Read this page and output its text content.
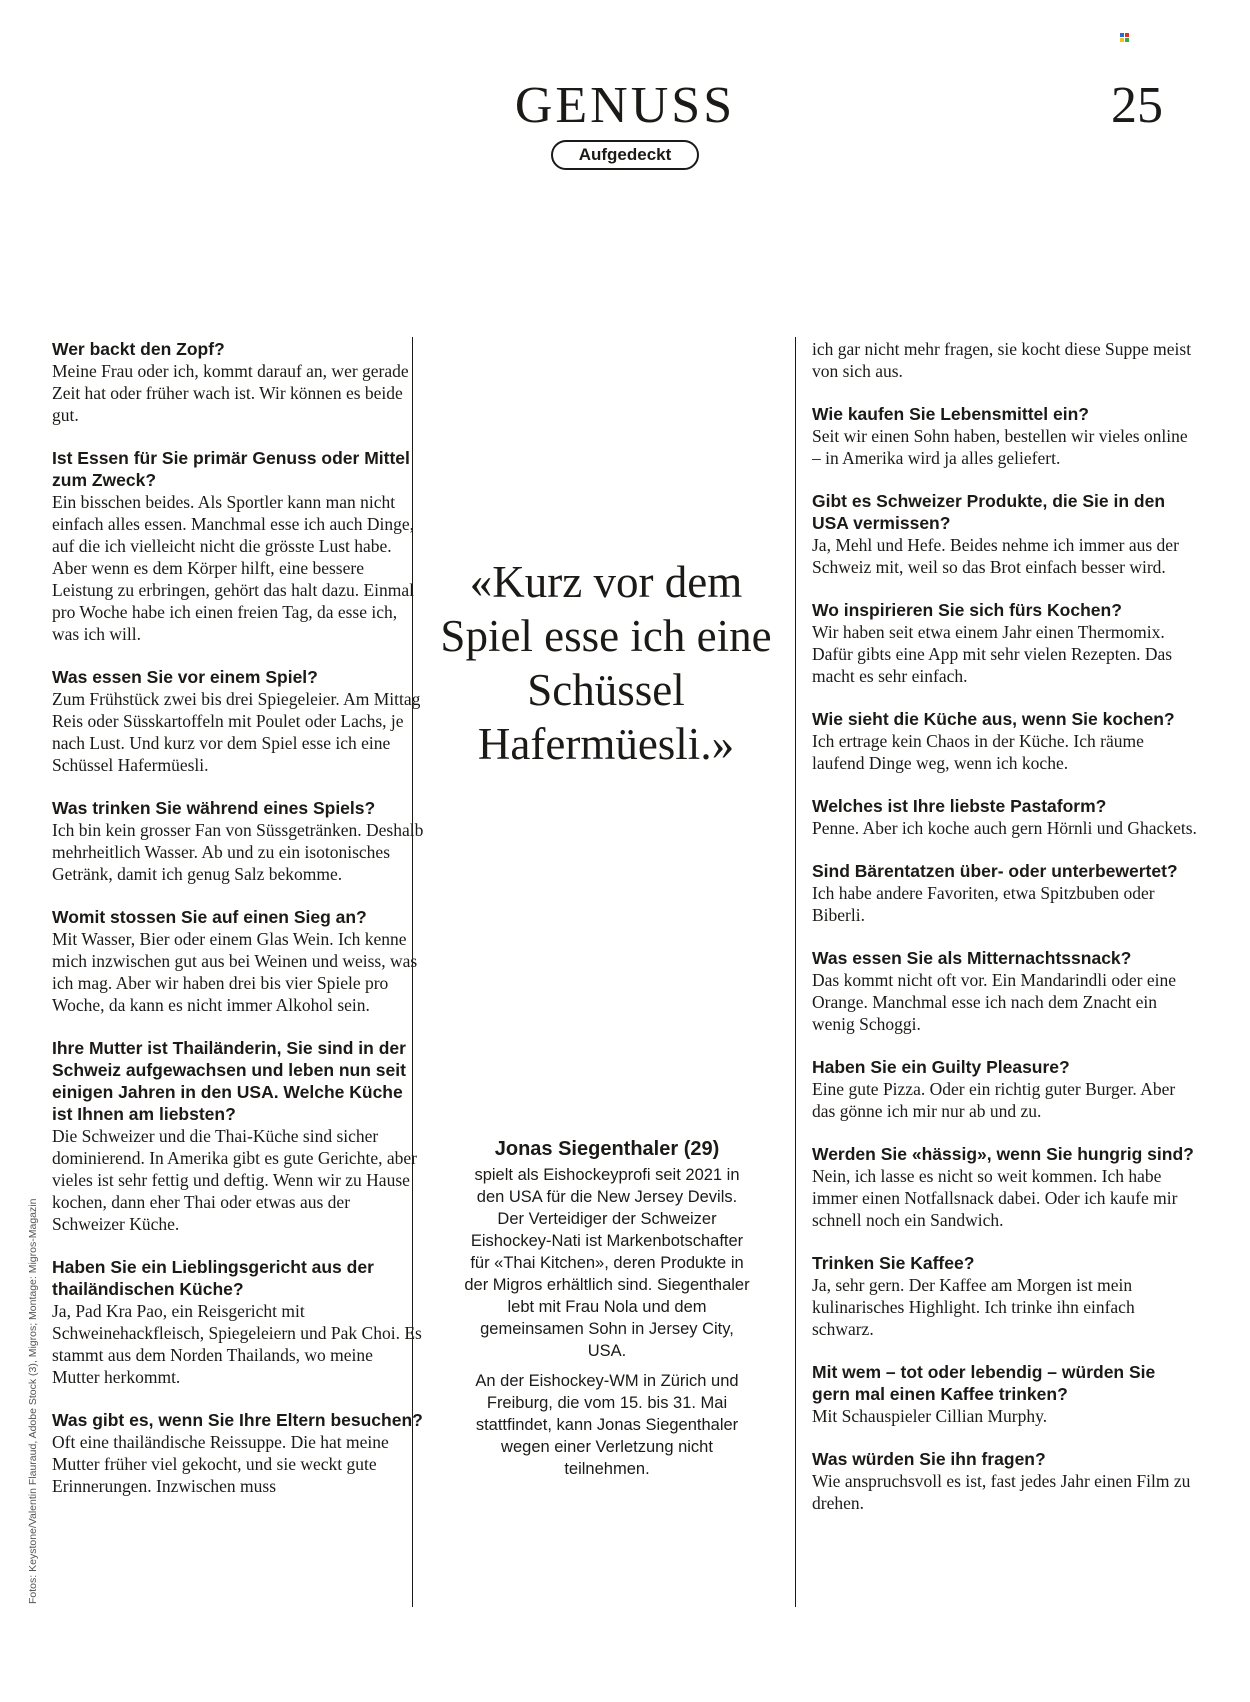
GENUSS
Aufgedeckt
25

Wer backt den Zopf?

Meine Frau oder ich, kommt darauf an, wer gerade Zeit hat oder früher wach ist. Wir können es beide gut.

Ist Essen für Sie primär Genuss oder Mittel zum Zweck?

Ein bisschen beides. Als Sportler kann man nicht einfach alles essen. Manchmal esse ich auch Dinge, auf die ich vielleicht nicht die grösste Lust habe. Aber wenn es dem Körper hilft, eine bessere Leistung zu erbringen, gehört das halt dazu. Einmal pro Woche habe ich einen freien Tag, da esse ich, was ich will.

Was essen Sie vor einem Spiel?

Zum Frühstück zwei bis drei Spiegeleier. Am Mittag Reis oder Süsskartoffeln mit Poulet oder Lachs, je nach Lust. Und kurz vor dem Spiel esse ich eine Schüssel Hafermüesli.

Was trinken Sie während eines Spiels?

Ich bin kein grosser Fan von Süssgetränken. Deshalb mehrheitlich Wasser. Ab und zu ein isotonisches Getränk, damit ich genug Salz bekomme.

Womit stossen Sie auf einen Sieg an?

Mit Wasser, Bier oder einem Glas Wein. Ich kenne mich inzwischen gut aus bei Weinen und weiss, was ich mag. Aber wir haben drei bis vier Spiele pro Woche, da kann es nicht immer Alkohol sein.

Ihre Mutter ist Thailänderin, Sie sind in der Schweiz aufgewachsen und leben nun seit einigen Jahren in den USA. Welche Küche ist Ihnen am liebsten?

Die Schweizer und die Thai-Küche sind sicher dominierend. In Amerika gibt es gute Gerichte, aber vieles ist sehr fettig und deftig. Wenn wir zu Hause kochen, dann eher Thai oder etwas aus der Schweizer Küche.

Haben Sie ein Lieblingsgericht aus der thailändischen Küche?

Ja, Pad Kra Pao, ein Reisgericht mit Schweinehackfleisch, Spiegeleiern und Pak Choi. Es stammt aus dem Norden Thailands, wo meine Mutter herkommt.

Was gibt es, wenn Sie Ihre Eltern besuchen?

Oft eine thailändische Reissuppe. Die hat meine Mutter früher viel gekocht, und sie weckt gute Erinnerungen. Inzwischen muss

ich gar nicht mehr fragen, sie kocht diese Suppe meist von sich aus.

Wie kaufen Sie Lebensmittel ein?

Seit wir einen Sohn haben, bestellen wir vieles online – in Amerika wird ja alles geliefert.

Gibt es Schweizer Produkte, die Sie in den USA vermissen?

Ja, Mehl und Hefe. Beides nehme ich immer aus der Schweiz mit, weil so das Brot einfach besser wird.

Wo inspirieren Sie sich fürs Kochen?

Wir haben seit etwa einem Jahr einen Thermomix. Dafür gibts eine App mit sehr vielen Rezepten. Das macht es sehr einfach.

Wie sieht die Küche aus, wenn Sie kochen?

Ich ertrage kein Chaos in der Küche. Ich räume laufend Dinge weg, wenn ich koche.

Welches ist Ihre liebste Pastaform?

Penne. Aber ich koche auch gern Hörnli und Ghackets.

Sind Bärentatzen über- oder unterbewertet?

Ich habe andere Favoriten, etwa Spitzbuben oder Biberli.

Was essen Sie als Mitternachtssnack?

Das kommt nicht oft vor. Ein Mandarindli oder eine Orange. Manchmal esse ich nach dem Znacht ein wenig Schoggi.

Haben Sie ein Guilty Pleasure?

Eine gute Pizza. Oder ein richtig guter Burger. Aber das gönne ich mir nur ab und zu.

Werden Sie «hässig», wenn Sie hungrig sind?

Nein, ich lasse es nicht so weit kommen. Ich habe immer einen Notfallsnack dabei. Oder ich kaufe mir schnell noch ein Sandwich.

Trinken Sie Kaffee?

Ja, sehr gern. Der Kaffee am Morgen ist mein kulinarisches Highlight. Ich trinke ihn einfach schwarz.

Mit wem – tot oder lebendig – würden Sie gern mal einen Kaffee trinken?

Mit Schauspieler Cillian Murphy.

Was würden Sie ihn fragen?

Wie anspruchsvoll es ist, fast jedes Jahr einen Film zu drehen.

«Kurz vor dem Spiel esse ich eine Schüssel Hafermüesli.»

Jonas Siegenthaler (29)

spielt als Eishockeyprofi seit 2021 in den USA für die New Jersey Devils. Der Verteidiger der Schweizer Eishockey-Nati ist Markenbotschafter für «Thai Kitchen», deren Produkte in der Migros erhältlich sind. Siegenthaler lebt mit Frau Nola und dem gemeinsamen Sohn in Jersey City, USA.

An der Eishockey-WM in Zürich und Freiburg, die vom 15. bis 31. Mai stattfindet, kann Jonas Siegenthaler wegen einer Verletzung nicht teilnehmen.

Fotos: Keystone/Valentin Flauraud, Adobe Stock (3), Migros; Montage: Migros-Magazin
